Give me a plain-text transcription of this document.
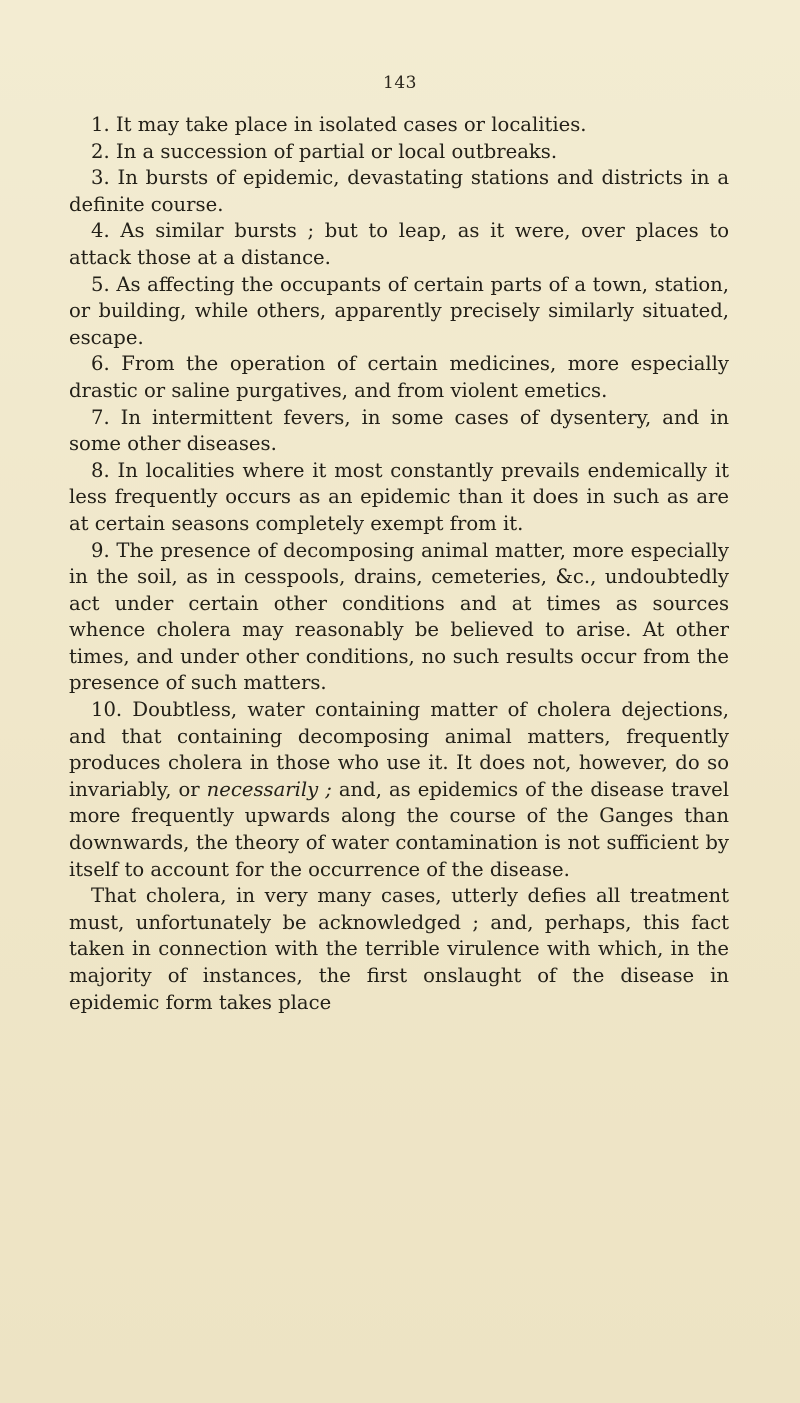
143

1. It may take place in isolated cases or localities.

2. In a succession of partial or local outbreaks.

3. In bursts of epidemic, devastating stations and districts in a definite course.

4. As similar bursts ; but to leap, as it were, over places to attack those at a distance.

5. As affecting the occupants of certain parts of a town, station, or building, while others, apparently precisely similarly situated, escape.

6. From the operation of certain medicines, more especially drastic or saline purgatives, and from violent emetics.

7. In intermittent fevers, in some cases of dysentery, and in some other diseases.

8. In localities where it most constantly prevails endemically it less frequently occurs as an epidemic than it does in such as are at certain seasons completely exempt from it.

9. The presence of decomposing animal matter, more especially in the soil, as in cesspools, drains, cemeteries, &c., undoubtedly act under certain other conditions and at times as sources whence cholera may reasonably be believed to arise. At other times, and under other conditions, no such results occur from the presence of such matters.

10. Doubtless, water containing matter of cholera dejections, and that containing decomposing animal matters, frequently produces cholera in those who use it. It does not, however, do so invariably, or necessarily ; and, as epidemics of the disease travel more frequently upwards along the course of the Ganges than downwards, the theory of water contamination is not sufficient by itself to account for the occurrence of the disease.

That cholera, in very many cases, utterly defies all treatment must, unfortunately be acknowledged ; and, perhaps, this fact taken in connection with the terrible virulence with which, in the majority of instances, the first onslaught of the disease in epidemic form takes place
